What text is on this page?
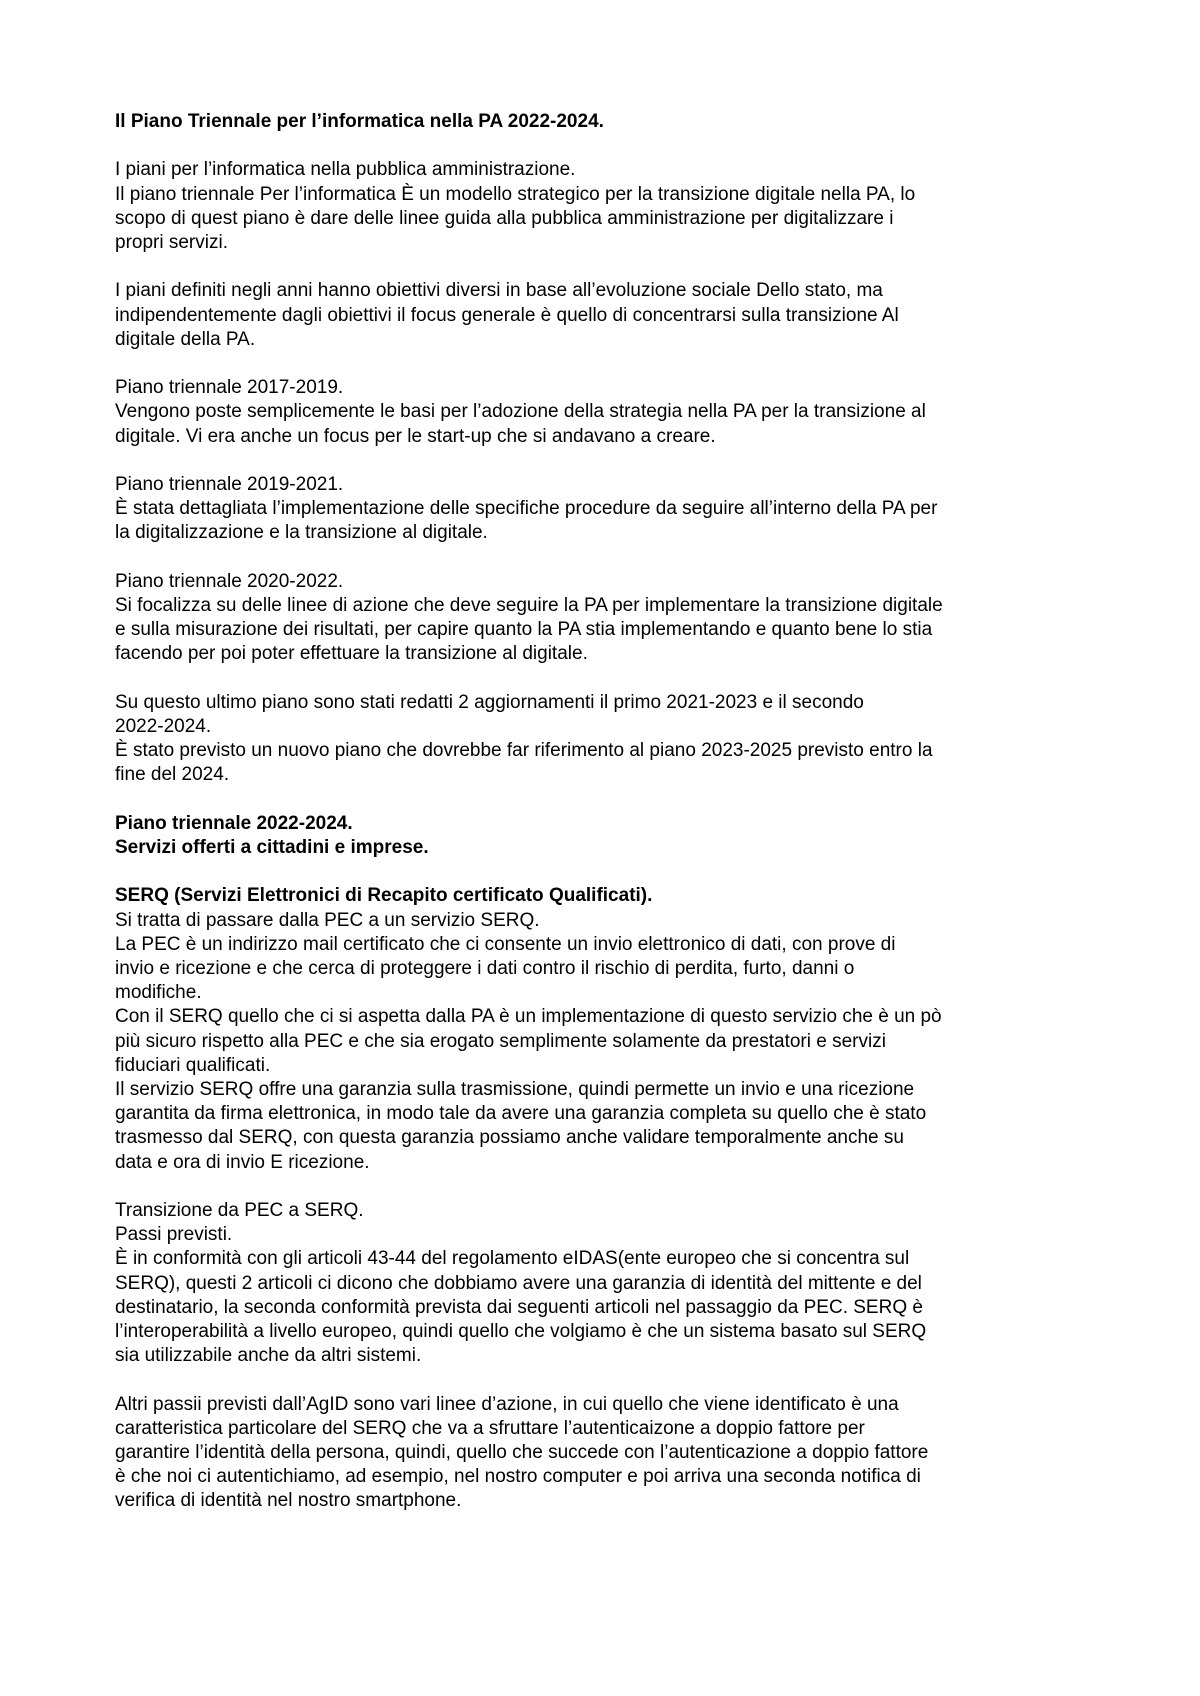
Il Piano Triennale per l’informatica nella PA 2022-2024.
I piani per l’informatica nella pubblica amministrazione.
Il piano triennale Per l’informatica È un modello strategico per la transizione digitale nella PA, lo
scopo di quest piano è dare delle linee guida alla pubblica amministrazione per digitalizzare i
propri servizi.
I piani definiti negli anni hanno obiettivi diversi in base all’evoluzione sociale Dello stato, ma
indipendentemente dagli obiettivi il focus generale è quello di concentrarsi sulla transizione Al
digitale della PA.
Piano triennale 2017-2019.
Vengono poste semplicemente le basi per l’adozione della strategia nella PA per la transizione al
digitale. Vi era anche un focus per le start-up che si andavano a creare.
Piano triennale 2019-2021.
È stata dettagliata l’implementazione delle specifiche procedure da seguire all’interno della PA per
la digitalizzazione e la transizione al digitale.
Piano triennale 2020-2022.
Si focalizza su delle linee di azione che deve seguire la PA per implementare la transizione digitale
e sulla misurazione dei risultati, per capire quanto la PA stia implementando e quanto bene lo stia
facendo per poi poter effettuare la transizione al digitale.
Su questo ultimo piano sono stati redatti 2 aggiornamenti il primo 2021-2023 e il secondo
2022-2024.
È stato previsto un nuovo piano che dovrebbe far riferimento al piano 2023-2025 previsto entro la
fine del 2024.
Piano triennale 2022-2024.
Servizi offerti a cittadini e imprese.
SERQ (Servizi Elettronici di Recapito certificato Qualificati).
Si tratta di passare dalla PEC a un servizio SERQ.
La PEC è un indirizzo mail certificato che ci consente un invio elettronico di dati, con prove di
invio e ricezione e che cerca di proteggere i dati contro il rischio di perdita, furto, danni o
modifiche.
Con il SERQ quello che ci si aspetta dalla PA è un implementazione di questo servizio che è un pò
più sicuro rispetto alla PEC e che sia erogato semplimente solamente da prestatori e servizi
fiduciari qualificati.
Il servizio SERQ offre una garanzia sulla trasmissione, quindi permette un invio e una ricezione
garantita da firma elettronica, in modo tale da avere una garanzia completa su quello che è stato
trasmesso dal SERQ, con questa garanzia possiamo anche validare temporalmente anche su
data e ora di invio E ricezione.
Transizione da PEC a SERQ.
Passi previsti.
È in conformità con gli articoli 43-44 del regolamento eIDAS(ente europeo che si concentra sul
SERQ), questi 2 articoli ci dicono che dobbiamo avere una garanzia di identità del mittente e del
destinatario, la seconda conformità prevista dai seguenti articoli nel passaggio da PEC. SERQ è
l’interoperabilità a livello europeo, quindi quello che volgiamo è che un sistema basato sul SERQ
sia utilizzabile anche da altri sistemi.
Altri passii previsti dall’AgID sono vari linee d’azione, in cui quello che viene identificato è una
caratteristica particolare del SERQ che va a sfruttare l’autenticaizone a doppio fattore per
garantire l’identità della persona, quindi, quello che succede con l’autenticazione a doppio fattore
è che noi ci autentichiamo, ad esempio, nel nostro computer e poi arriva una seconda notifica di
verifica di identità nel nostro smartphone.
